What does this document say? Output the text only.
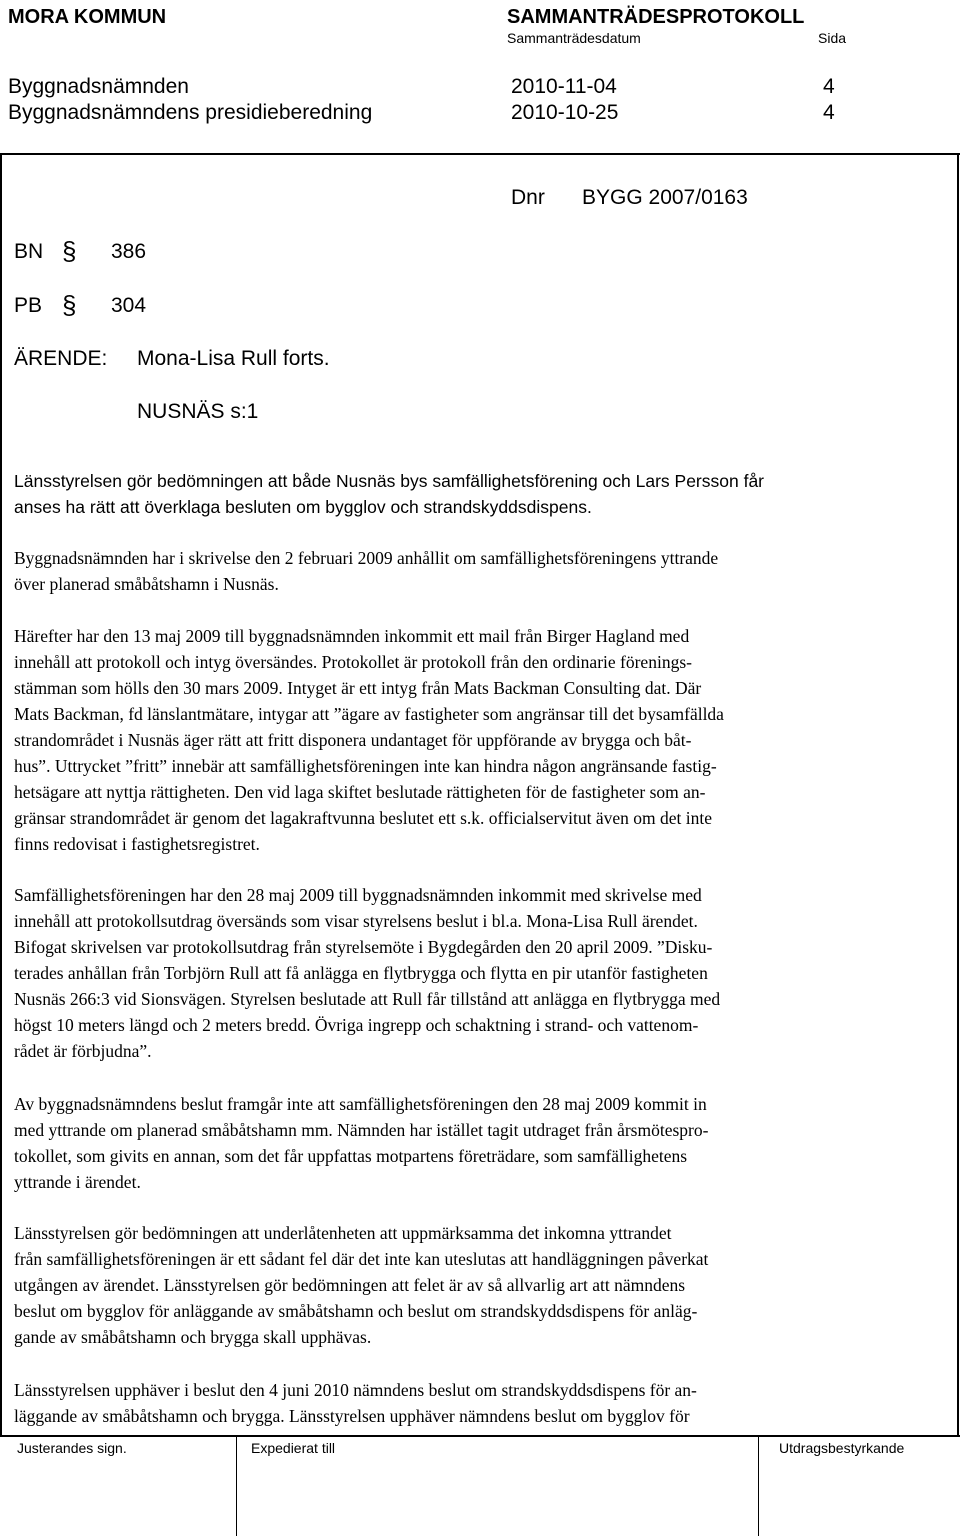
MORA KOMMUN	SAMMANTRÄDESPROTOKOLL
Sammanträdesdatum	Sida
Byggnadsnämnden	2010-11-04	4
Byggnadsnämndens presidieberedning	2010-10-25	4
Dnr BYGG 2007/0163
BN § 386
PB § 304
ÄRENDE: Mona-Lisa Rull forts.
NUSNÄS s:1
Länsstyrelsen gör bedömningen att både Nusnäs bys samfällighetsförening och Lars Persson får
anses ha rätt att överklaga besluten om bygglov och strandskyddsdispens.
Byggnadsnämnden har i skrivelse den 2 februari 2009 anhållit om samfällighetsföreningens yttrande
över planerad småbåtshamn i Nusnäs.
Härefter har den 13 maj 2009 till byggnadsnämnden inkommit ett mail från Birger Hagland med
innehåll att protokoll och intyg översändes. Protokollet är protokoll från den ordinarie förenings-
stämman som hölls den 30 mars 2009. Intyget är ett intyg från Mats Backman Consulting dat. Där
Mats Backman, fd länslantmätare, intygar att ”ägare av fastigheter som angränsar till det bysamfällda
strandområdet i Nusnäs äger rätt att fritt disponera undantaget för uppförande av brygga och båt-
hus”. Uttrycket ”fritt” innebär att samfällighetsföreningen inte kan hindra någon angränsande fastig-
hetsägare att nyttja rättigheten. Den vid laga skiftet beslutade rättigheten för de fastigheter som an-
gränsar strandområdet är genom det lagakraftvunna beslutet ett s.k. officialservitut även om det inte
finns redovisat i fastighetsregistret.
Samfällighetsföreningen har den 28 maj 2009 till byggnadsnämnden inkommit med skrivelse med
innehåll att protokollsutdrag översänds som visar styrelsens beslut i bl.a. Mona-Lisa Rull ärendet.
Bifogat skrivelsen var protokollsutdrag från styrelsemöte i Bygdegården den 20 april 2009. ”Disku-
terades anhållan från Torbjörn Rull att få anlägga en flytbrygga och flytta en pir utanför fastigheten
Nusnäs 266:3 vid Sionsvägen. Styrelsen beslutade att Rull får tillstånd att anlägga en flytbrygga med
högst 10 meters längd och 2 meters bredd. Övriga ingrepp och schaktning i strand- och vattenom-
rådet är förbjudna”.
Av byggnadsnämndens beslut framgår inte att samfällighetsföreningen den 28 maj 2009 kommit in
med yttrande om planerad småbåtshamn mm. Nämnden har istället tagit utdraget från årsmötespro-
tokollet, som givits en annan, som det får uppfattas motpartens företrädare, som samfällighetens
yttrande i ärendet.
Länsstyrelsen gör bedömningen att underlåtenheten att uppmärksamma det inkomna yttrandet
från samfällighetsföreningen är ett sådant fel där det inte kan uteslutas att handläggningen påverkat
utgången av ärendet. Länsstyrelsen gör bedömningen att felet är av så allvarlig art att nämndens
beslut om bygglov för anläggande av småbåtshamn och beslut om strandskyddsdispens för anläg-
gande av småbåtshamn och brygga skall upphävas.
Länsstyrelsen upphäver i beslut den 4 juni 2010 nämndens beslut om strandskyddsdispens för an-
läggande av småbåtshamn och brygga. Länsstyrelsen upphäver nämndens beslut om bygglov för
Justerandes sign.	Expedierat till	Utdragsbestyrkande
